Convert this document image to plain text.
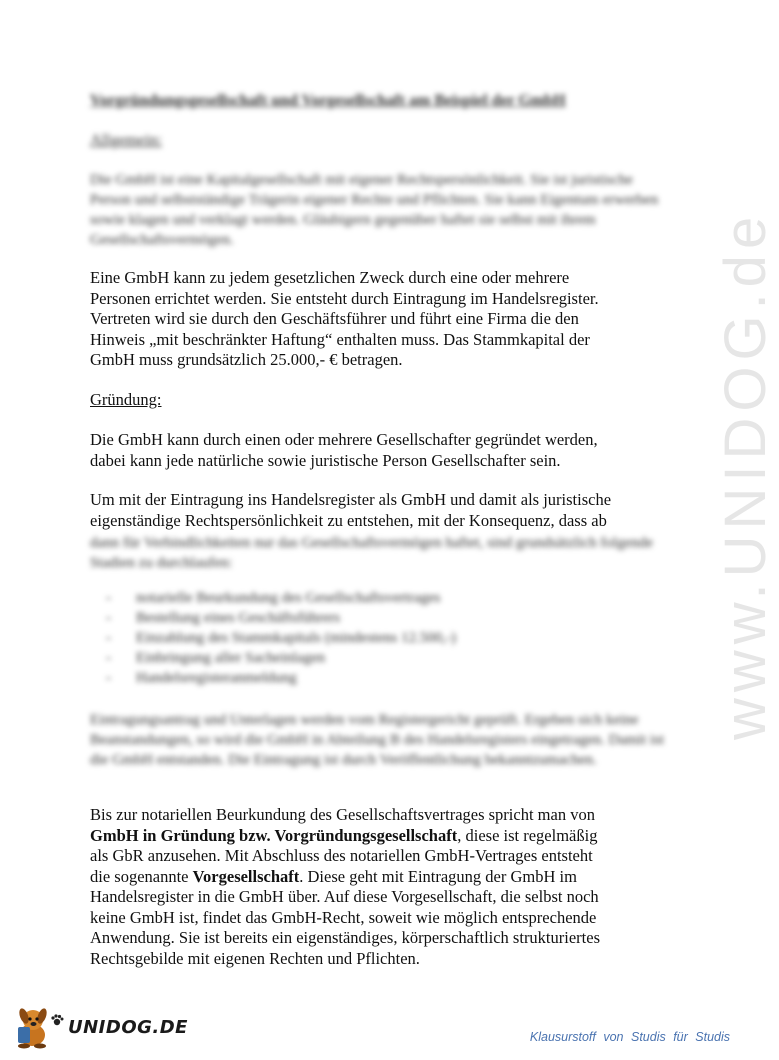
www.UNIDOG.de
Vorgründungsgesellschaft und Vorgesellschaft am Beispiel der GmbH
Allgemein:
Die GmbH ist eine Kapitalgesellschaft mit eigener Rechtspersönlichkeit. Sie ist juristische Person und selbstständige Trägerin eigener Rechte und Pflichten. Sie kann Eigentum erwerben sowie klagen und verklagt werden. Gläubigern gegenüber haftet sie selbst mit ihrem Gesellschaftsvermögen.
Eine GmbH kann zu jedem gesetzlichen Zweck durch eine oder mehrere
Personen errichtet werden. Sie entsteht durch Eintragung im Handelsregister.
Vertreten wird sie durch den Geschäftsführer und führt eine Firma die den
Hinweis „mit beschränkter Haftung“ enthalten muss. Das Stammkapital der
GmbH muss grundsätzlich 25.000,- € betragen.
Gründung:
Die GmbH kann durch einen oder mehrere Gesellschafter gegründet werden,
dabei kann jede natürliche sowie juristische Person Gesellschafter sein.
Um mit der Eintragung ins Handelsregister als GmbH und damit als juristische
eigenständige Rechtspersönlichkeit zu entstehen, mit der Konsequenz, dass ab
dann für Verbindlichkeiten nur das Gesellschaftsvermögen haftet, sind grundsätzlich folgende Stadien zu durchlaufen:
- notarielle Beurkundung des Gesellschaftsvertrages
- Bestellung eines Geschäftsführers
- Einzahlung des Stammkapitals (mindestens 12.500,-)
- Einbringung aller Sacheinlagen
- Handelsregisteranmeldung
Eintragungsantrag und Unterlagen werden vom Registergericht geprüft. Ergeben sich keine Beanstandungen, so wird die GmbH in Abteilung B des Handelsregisters eingetragen. Damit ist die GmbH entstanden. Die Eintragung ist durch Veröffentlichung bekanntzumachen.
Bis zur notariellen Beurkundung des Gesellschaftsvertrages spricht man von
GmbH in Gründung bzw. Vorgründungsgesellschaft, diese ist regelmäßig
als GbR anzusehen. Mit Abschluss des notariellen GmbH-Vertrages entsteht
die sogenannte Vorgesellschaft. Diese geht mit Eintragung der GmbH im
Handelsregister in die GmbH über. Auf diese Vorgesellschaft, die selbst noch
keine GmbH ist, findet das GmbH-Recht, soweit wie möglich entsprechende
Anwendung. Sie ist bereits ein eigenständiges, körperschaftlich strukturiertes
Rechtsgebilde mit eigenen Rechten und Pflichten.
UNIDOG.DE	Klausurstoff von Studis für Studis
